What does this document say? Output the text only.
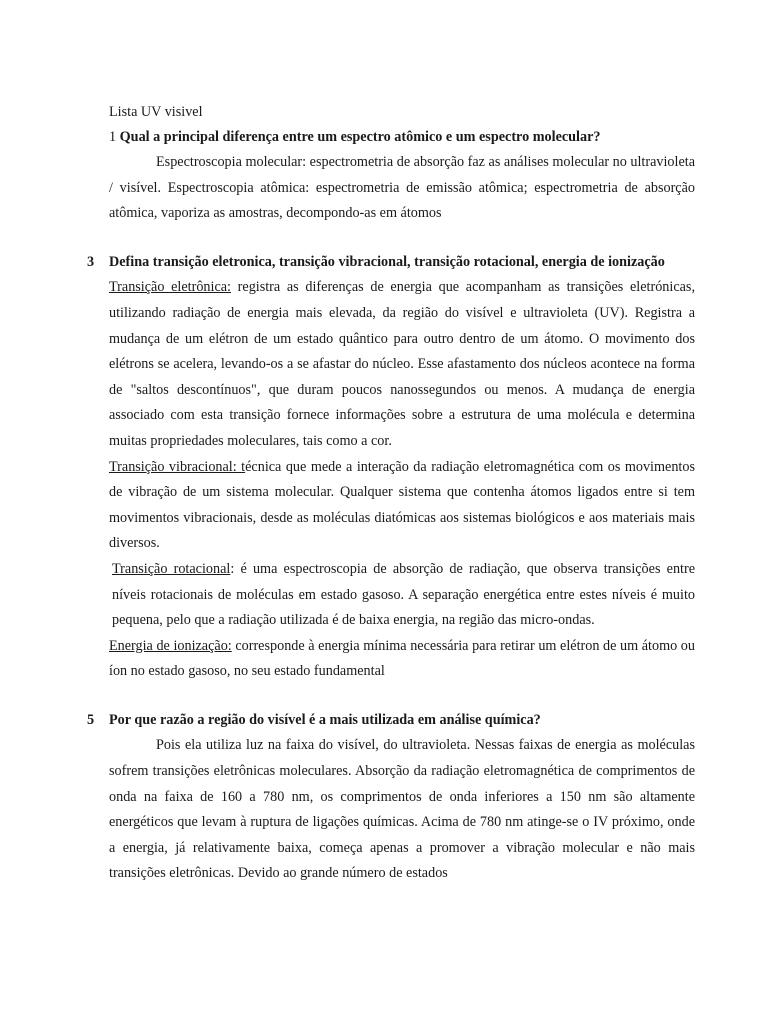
Lista UV visivel
1 Qual a principal diferença entre um espectro atômico e um espectro molecular?

Espectroscopia molecular: espectrometria de absorção faz as análises molecular no ultravioleta / visível. Espectroscopia atômica: espectrometria de emissão atômica; espectrometria de absorção atômica, vaporiza as amostras, decompondo-as em átomos

3 Defina transição eletronica, transição vibracional, transição rotacional, energia de ionização

Transição eletrônica: registra as diferenças de energia que acompanham as transições eletrónicas, utilizando radiação de energia mais elevada, da região do visível e ultravioleta (UV). Registra a mudança de um elétron de um estado quântico para outro dentro de um átomo. O movimento dos elétrons se acelera, levando-os a se afastar do núcleo. Esse afastamento dos núcleos acontece na forma de "saltos descontínuos", que duram poucos nanossegundos ou menos. A mudança de energia associado com esta transição fornece informações sobre a estrutura de uma molécula e determina muitas propriedades moleculares, tais como a cor.

Transição vibracional: técnica que mede a interação da radiação eletromagnética com os movimentos de vibração de um sistema molecular. Qualquer sistema que contenha átomos ligados entre si tem movimentos vibracionais, desde as moléculas diatómicas aos sistemas biológicos e aos materiais mais diversos.

Transição rotacional: é uma espectroscopia de absorção de radiação, que observa transições entre níveis rotacionais de moléculas em estado gasoso. A separação energética entre estes níveis é muito pequena, pelo que a radiação utilizada é de baixa energia, na região das micro-ondas.

Energia de ionização: corresponde à energia mínima necessária para retirar um elétron de um átomo ou íon no estado gasoso, no seu estado fundamental

5 Por que razão a região do visível é a mais utilizada em análise química?

Pois ela utiliza luz na faixa do visível, do ultravioleta. Nessas faixas de energia as moléculas sofrem transições eletrônicas moleculares. Absorção da radiação eletromagnética de comprimentos de onda na faixa de 160 a 780 nm, os comprimentos de onda inferiores a 150 nm são altamente energéticos que levam à ruptura de ligações químicas. Acima de 780 nm atinge-se o IV próximo, onde a energia, já relativamente baixa, começa apenas a promover a vibração molecular e não mais transições eletrônicas. Devido ao grande número de estados
